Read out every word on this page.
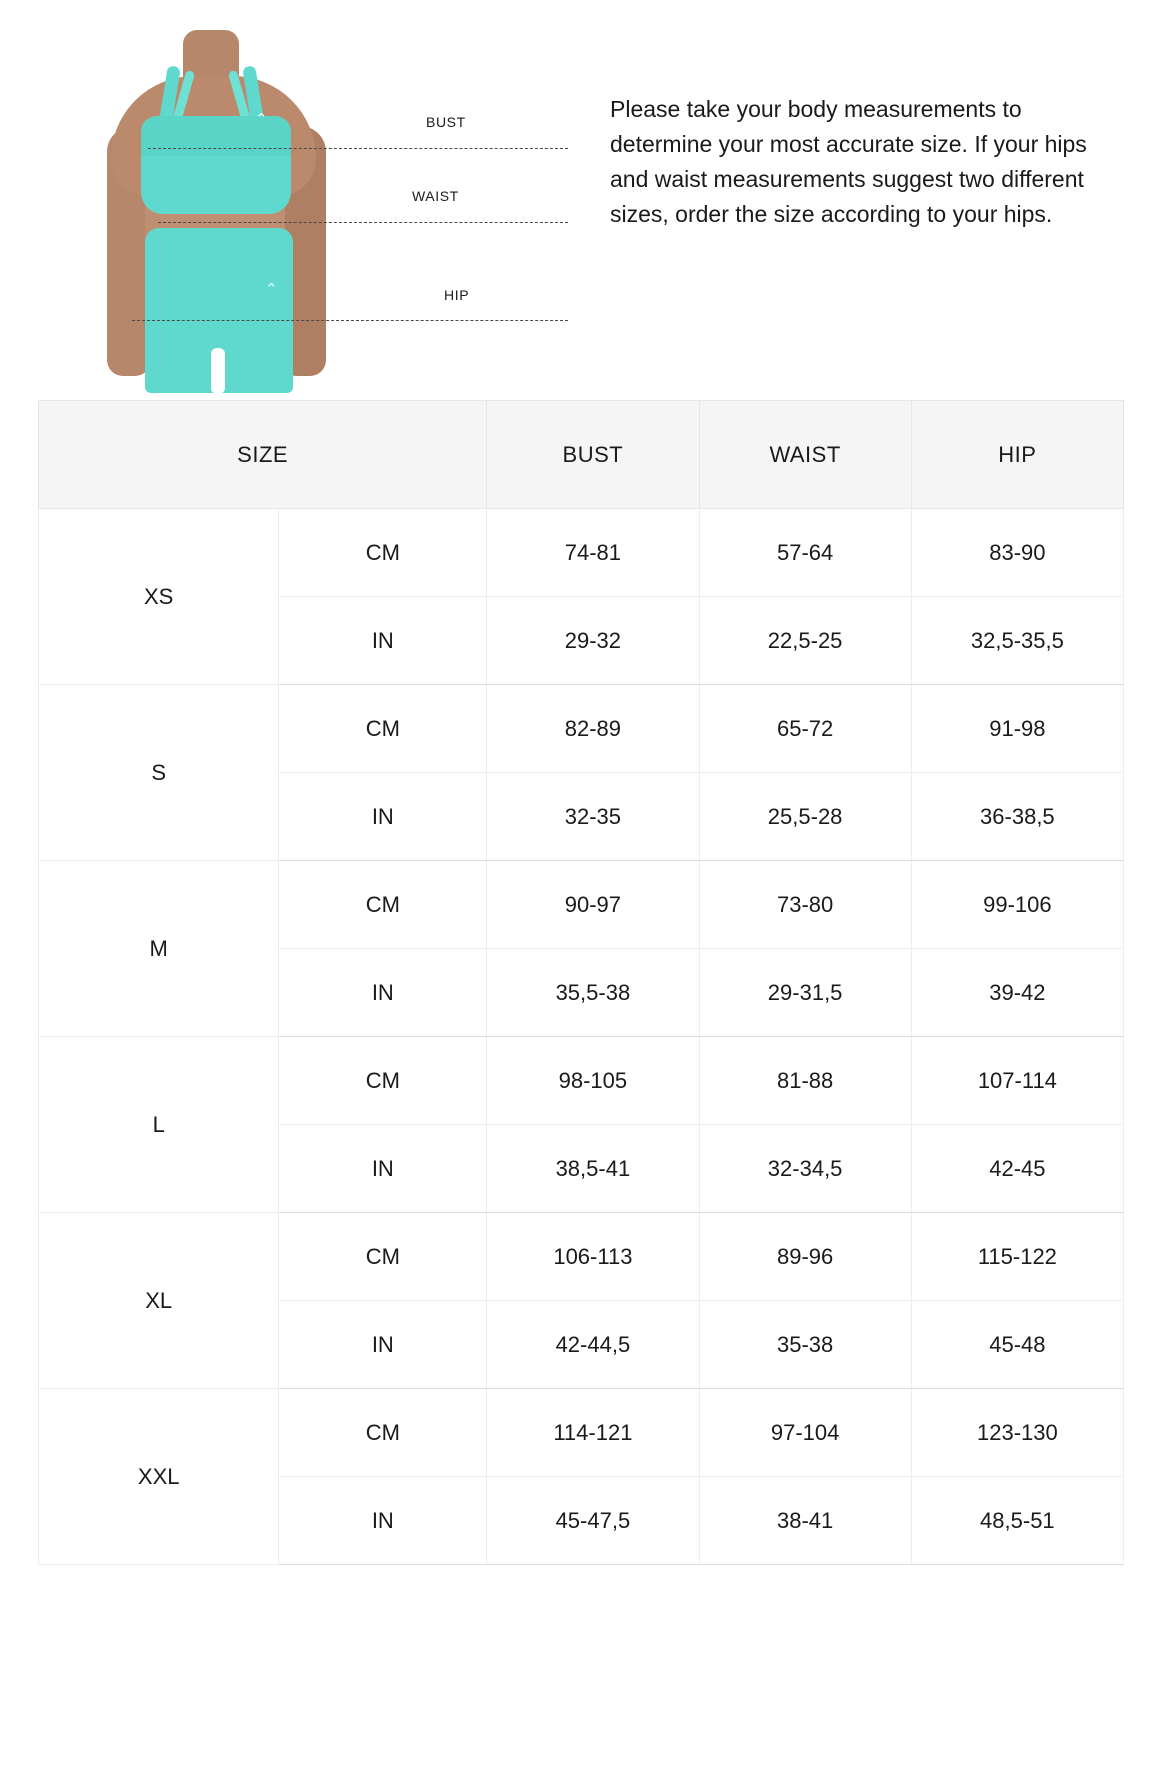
⌃
⌃
BUST
WAIST
HIP

Please take your body measurements to determine your most accurate size. If your hips and waist measurements suggest two different sizes, order the size according to your hips.

SIZE		BUST	WAIST	HIP
XS	CM	74-81	57-64	83-90
	IN	29-32	22,5-25	32,5-35,5
S	CM	82-89	65-72	91-98
	IN	32-35	25,5-28	36-38,5
M	CM	90-97	73-80	99-106
	IN	35,5-38	29-31,5	39-42
L	CM	98-105	81-88	107-114
	IN	38,5-41	32-34,5	42-45
XL	CM	106-113	89-96	115-122
	IN	42-44,5	35-38	45-48
XXL	CM	114-121	97-104	123-130
	IN	45-47,5	38-41	48,5-51
